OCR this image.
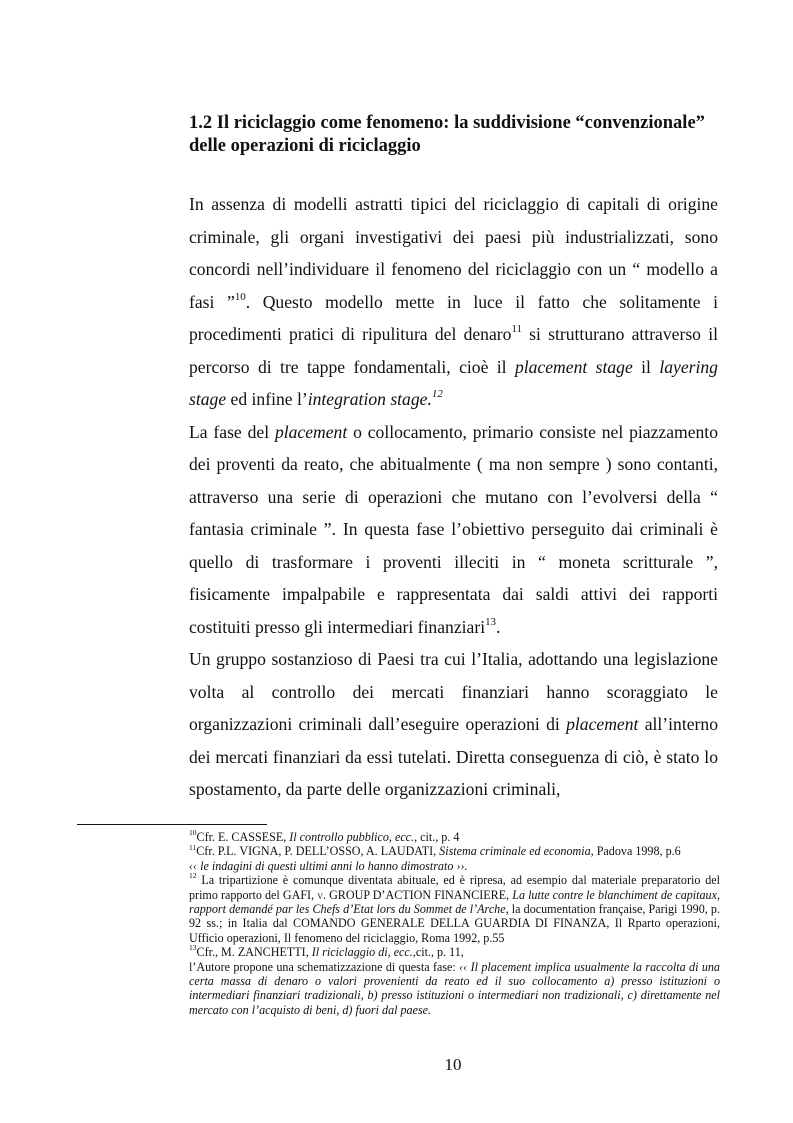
1.2 Il riciclaggio come fenomeno: la suddivisione “convenzionale”
delle operazioni di riciclaggio

In assenza di modelli astratti tipici del riciclaggio di capitali di origine criminale, gli organi investigativi dei paesi più industrializzati, sono concordi nell’individuare il fenomeno del riciclaggio con un “ modello a fasi ”$^{10}$. Questo modello mette in luce il fatto che solitamente i procedimenti pratici di ripulitura del denaro$^{11}$ si strutturano attraverso il percorso di tre tappe fondamentali, cioè il placement stage il layering stage ed infine l’integration stage.$^{12}$

La fase del placement o collocamento, primario consiste nel piazzamento dei proventi da reato, che abitualmente ( ma non sempre ) sono contanti, attraverso una serie di operazioni che mutano con l’evolversi della “ fantasia criminale ”. In questa fase l’obiettivo perseguito dai criminali è quello di trasformare i proventi illeciti in “ moneta scritturale ”, fisicamente impalpabile e rappresentata dai saldi attivi dei rapporti costituiti presso gli intermediari finanziari$^{13}$.

Un gruppo sostanzioso di Paesi tra cui l’Italia, adottando una legislazione volta al controllo dei mercati finanziari hanno scoraggiato le organizzazioni criminali dall’eseguire operazioni di placement all’interno dei mercati finanziari da essi tutelati. Diretta conseguenza di ciò, è stato lo spostamento, da parte delle organizzazioni criminali,

$^{10}$Cfr. E. CASSESE, Il controllo pubblico, ecc., cit., p. 4

$^{11}$Cfr. P.L. VIGNA, P. DELL’OSSO, A. LAUDATI, Sistema criminale ed economia, Padova 1998, p.6
‹‹ le indagini di questi ultimi anni lo hanno dimostrato ››.

$^{12}$ La tripartizione è comunque diventata abituale, ed è ripresa, ad esempio dal materiale preparatorio del primo rapporto del GAFI, v. GROUP D’ACTION FINANCIERE, La lutte contre le blanchiment de capitaux, rapport demandé par les Chefs d’Etat lors du Sommet de l’Arche, la documentation française, Parigi 1990, p. 92 ss.; in Italia dal COMANDO GENERALE DELLA GUARDIA DI FINANZA, Il Rparto operazioni, Ufficio operazioni, Il fenomeno del riciclaggio, Roma 1992, p.55

$^{13}$Cfr., M. ZANCHETTI, Il riciclaggio di, ecc.,cit., p. 11,
l’Autore propone una schematizzazione di questa fase: ‹‹ Il placement implica usualmente la raccolta di una certa massa di denaro o valori provenienti da reato ed il suo collocamento a) presso istituzioni o intermediari finanziari tradizionali, b) presso istituzioni o intermediari non tradizionali, c) direttamente nel mercato con l’acquisto di beni, d) fuori dal paese.

10
